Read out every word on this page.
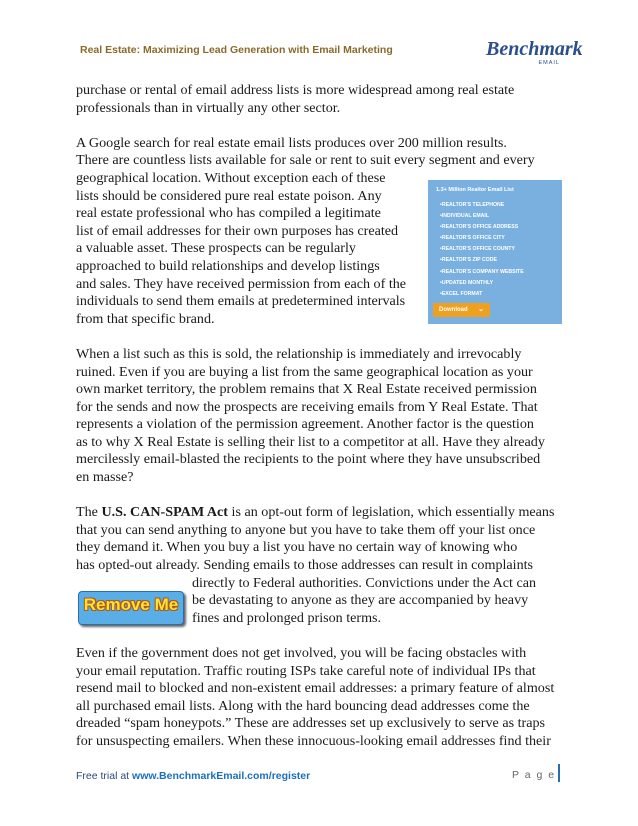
Real Estate: Maximizing Lead Generation with Email Marketing	Benchmark
EMAIL

purchase or rental of email address lists is more widespread among real estate
professionals than in virtually any other sector.

A Google search for real estate email lists produces over 200 million results.
There are countless lists available for sale or rent to suit every segment and every
geographical location. Without exception each of these
lists should be considered pure real estate poison. Any
real estate professional who has compiled a legitimate
list of email addresses for their own purposes has created
a valuable asset. These prospects can be regularly
approached to build relationships and develop listings
and sales. They have received permission from each of the
individuals to send them emails at predetermined intervals
from that specific brand.

When a list such as this is sold, the relationship is immediately and irrevocably
ruined. Even if you are buying a list from the same geographical location as your
own market territory, the problem remains that X Real Estate received permission
for the sends and now the prospects are receiving emails from Y Real Estate. That
represents a violation of the permission agreement. Another factor is the question
as to why X Real Estate is selling their list to a competitor at all. Have they already
mercilessly email-blasted the recipients to the point where they have unsubscribed
en masse?

The U.S. CAN-SPAM Act is an opt-out form of legislation, which essentially means
that you can send anything to anyone but you have to take them off your list once
they demand it. When you buy a list you have no certain way of knowing who
has opted-out already. Sending emails to those addresses can result in complaints
directly to Federal authorities. Convictions under the Act can
be devastating to anyone as they are accompanied by heavy
fines and prolonged prison terms.

Even if the government does not get involved, you will be facing obstacles with
your email reputation. Traffic routing ISPs take careful note of individual IPs that
resend mail to blocked and non-existent email addresses: a primary feature of almost
all purchased email lists. Along with the hard bouncing dead addresses come the
dreaded “spam honeypots.” These are addresses set up exclusively to serve as traps
for unsuspecting emailers. When these innocuous-looking email addresses find their

1.3+ Million Realtor Email List
• REALTOR'S TELEPHONE
• INDIVIDUAL EMAIL
• REALTOR'S OFFICE ADDRESS
• REALTOR'S OFFICE CITY
• REALTOR'S OFFICE COUNTY
• REALTOR'S ZIP CODE
• REALTOR'S COMPANY WEBSITE
• UPDATED MONTHLY
• EXCEL FORMAT
Download ⌄
Remove Me
Free trial at www.BenchmarkEmail.com/register	P a g e
